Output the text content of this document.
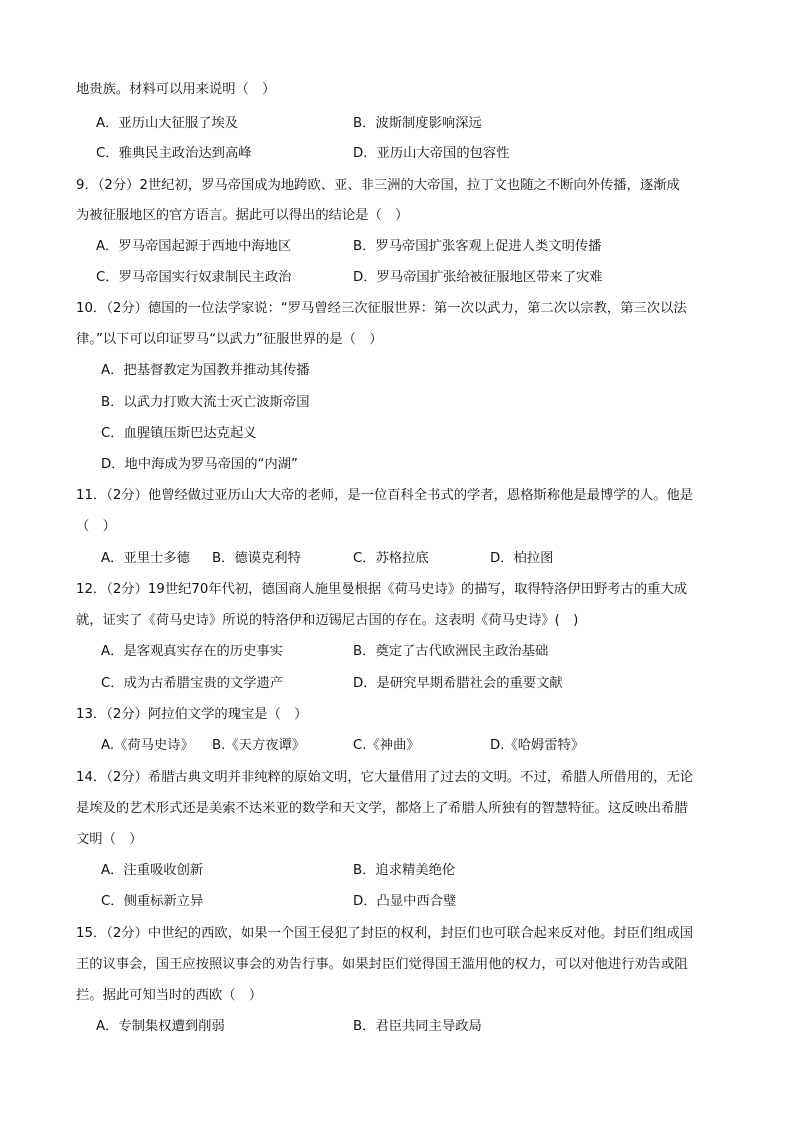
地贵族。材料可以用来说明（　）
A．亚历山大征服了埃及	B．波斯制度影响深远
C．雅典民主政治达到高峰	D．亚历山大帝国的包容性
9．（2分）2世纪初，罗马帝国成为地跨欧、亚、非三洲的大帝国，拉丁文也随之不断向外传播，逐渐成
为被征服地区的官方语言。据此可以得出的结论是（　）
A．罗马帝国起源于西地中海地区	B．罗马帝国扩张客观上促进人类文明传播
C．罗马帝国实行奴隶制民主政治	D．罗马帝国扩张给被征服地区带来了灾难
10．（2分）德国的一位法学家说：“罗马曾经三次征服世界：第一次以武力，第二次以宗教，第三次以法
律。”以下可以印证罗马“以武力”征服世界的是（　）
A．把基督教定为国教并推动其传播
B．以武力打败大流士灭亡波斯帝国
C．血腥镇压斯巴达克起义
D．地中海成为罗马帝国的“内湖”
11．（2分）他曾经做过亚历山大大帝的老师，是一位百科全书式的学者，恩格斯称他是最博学的人。他是
（　）
A．亚里士多德 B．德谟克利特	C．苏格拉底	D．柏拉图
12．（2分）19世纪70年代初，德国商人施里曼根据《荷马史诗》的描写，取得特洛伊田野考古的重大成
就，证实了《荷马史诗》所说的特洛伊和迈锡尼古国的存在。这表明《荷马史诗》(　)
A．是客观真实存在的历史事实	B．奠定了古代欧洲民主政治基础
C．成为古希腊宝贵的文学遗产	D．是研究早期希腊社会的重要文献
13．（2分）阿拉伯文学的瑰宝是（　）
A.《荷马史诗》 B.《天方夜谭》	C.《神曲》	D.《哈姆雷特》
14．（2分）希腊古典文明并非纯粹的原始文明，它大量借用了过去的文明。不过，希腊人所借用的，无论
是埃及的艺术形式还是美索不达米亚的数学和天文学，都烙上了希腊人所独有的智慧特征。这反映出希腊
文明（　）
A．注重吸收创新	B．追求精美绝伦
C．侧重标新立异	D．凸显中西合璧
15．（2分）中世纪的西欧，如果一个国王侵犯了封臣的权利，封臣们也可联合起来反对他。封臣们组成国
王的议事会，国王应按照议事会的劝告行事。如果封臣们觉得国王滥用他的权力，可以对他进行劝告或阻
拦。据此可知当时的西欧（　）
A．专制集权遭到削弱	B．君臣共同主导政局
